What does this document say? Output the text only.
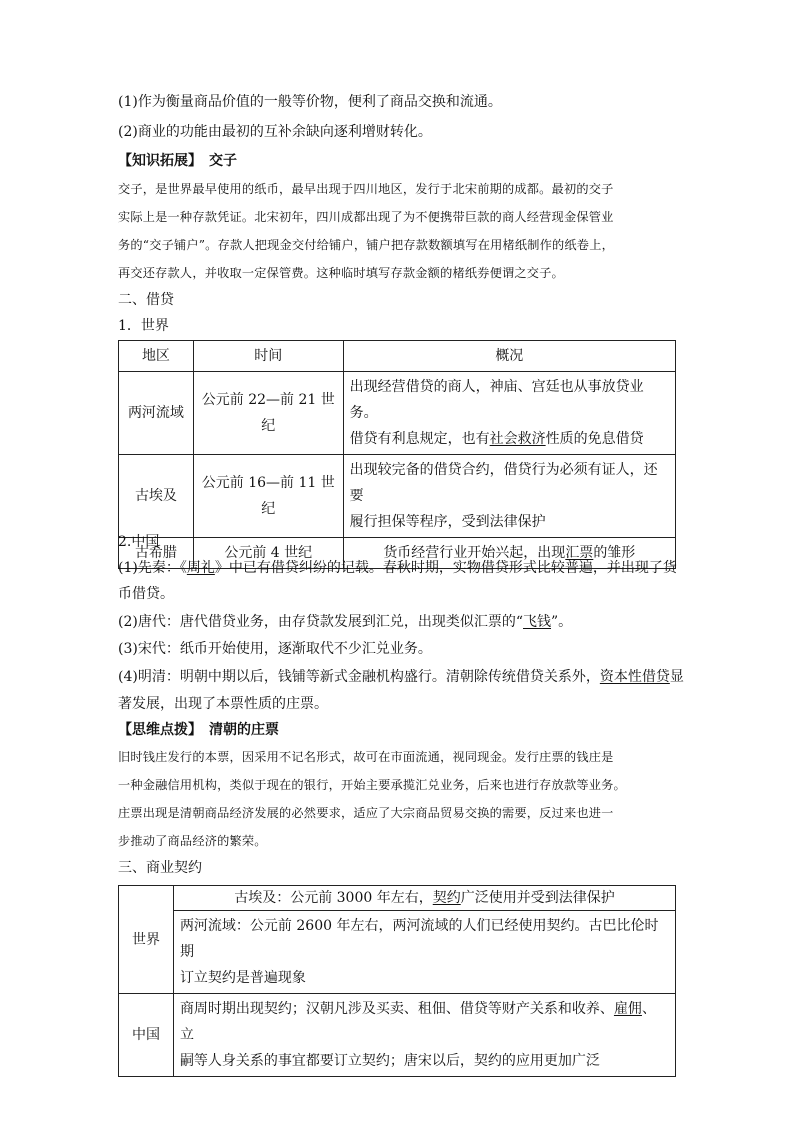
(1)作为衡量商品价值的一般等价物，便利了商品交换和流通。
(2)商业的功能由最初的互补余缺向逐利增财转化。
【知识拓展】　交子
交子，是世界最早使用的纸币，最早出现于四川地区，发行于北宋前期的成都。最初的交子
实际上是一种存款凭证。北宋初年，四川成都出现了为不便携带巨款的商人经营现金保管业
务的“交子铺户”。存款人把现金交付给铺户，铺户把存款数额填写在用楮纸制作的纸卷上，
再交还存款人，并收取一定保管费。这种临时填写存款金额的楮纸券便谓之交子。
二、借贷
1．世界
地区	时间	概况
两河流域	公元前 22—前 21 世纪	出现经营借贷的商人，神庙、宫廷也从事放贷业务。
借贷有利息规定，也有社会救济性质的免息借贷

古埃及	公元前 16—前 11 世纪	出现较完备的借贷合约，借贷行为必须有证人，还要
履行担保等程序，受到法律保护

古希腊	公元前 4 世纪	货币经营行业开始兴起，出现汇票的雏形
2.中国
(1)先秦：《周礼》中已有借贷纠纷的记载。春秋时期，实物借贷形式比较普遍，并出现了货
币借贷。
(2)唐代：唐代借贷业务，由存贷款发展到汇兑，出现类似汇票的“飞钱”。
(3)宋代：纸币开始使用，逐渐取代不少汇兑业务。
(4)明清：明朝中期以后，钱铺等新式金融机构盛行。清朝除传统借贷关系外，资本性借贷显
著发展，出现了本票性质的庄票。
【思维点拨】　清朝的庄票
旧时钱庄发行的本票，因采用不记名形式，故可在市面流通，视同现金。发行庄票的钱庄是
一种金融信用机构，类似于现在的银行，开始主要承揽汇兑业务，后来也进行存放款等业务。
庄票出现是清朝商品经济发展的必然要求，适应了大宗商品贸易交换的需要，反过来也进一
步推动了商品经济的繁荣。
三、商业契约
世界	古埃及：公元前 3000 年左右，契约广泛使用并受到法律保护

	两河流域：公元前 2600 年左右，两河流域的人们已经使用契约。古巴比伦时期
订立契约是普遍现象

中国	商周时期出现契约；汉朝凡涉及买卖、租佃、借贷等财产关系和收养、雇佣、立
嗣等人身关系的事宜都要订立契约；唐宋以后，契约的应用更加广泛
